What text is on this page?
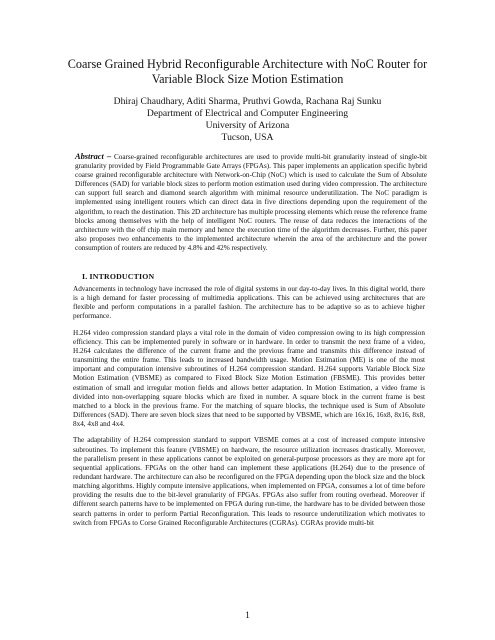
Coarse Grained Hybrid Reconfigurable Architecture with NoC Router for
Variable Block Size Motion Estimation
Dhiraj Chaudhary, Aditi Sharma, Pruthvi Gowda, Rachana Raj Sunku
Department of Electrical and Computer Engineering
University of Arizona
Tucson, USA
Abstract – Coarse-grained reconfigurable architectures are used to provide multi-bit granularity instead of single-bit granularity provided by Field Programmable Gate Arrays (FPGAs). This paper implements an application specific hybrid coarse grained reconfigurable architecture with Network-on-Chip (NoC) which is used to calculate the Sum of Absolute Differences (SAD) for variable block sizes to perform motion estimation used during video compression. The architecture can support full search and diamond search algorithm with minimal resource underutilization. The NoC paradigm is implemented using intelligent routers which can direct data in five directions depending upon the requirement of the algorithm, to reach the destination. This 2D architecture has multiple processing elements which reuse the reference frame blocks among themselves with the help of intelligent NoC routers. The reuse of data reduces the interactions of the architecture with the off chip main memory and hence the execution time of the algorithm decreases. Further, this paper also proposes two enhancements to the implemented architecture wherein the area of the architecture and the power consumption of routers are reduced by 4.8% and 42% respectively.
I. INTRODUCTION

Advancements in technology have increased the role of digital systems in our day-to-day lives. In this digital world, there is a high demand for faster processing of multimedia applications. This can be achieved using architectures that are flexible and perform computations in a parallel fashion. The architecture has to be adaptive so as to achieve higher performance.

H.264 video compression standard plays a vital role in the domain of video compression owing to its high compression efficiency. This can be implemented purely in software or in hardware. In order to transmit the next frame of a video, H.264 calculates the difference of the current frame and the previous frame and transmits this difference instead of transmitting the entire frame. This leads to increased bandwidth usage. Motion Estimation (ME) is one of the most important and computation intensive subroutines of H.264 compression standard. H.264 supports Variable Block Size Motion Estimation (VBSME) as compared to Fixed Block Size Motion Estimation (FBSME). This provides better estimation of small and irregular motion fields and allows better adaptation. In Motion Estimation, a video frame is divided into non-overlapping square blocks which are fixed in number. A square block in the current frame is best matched to a block in the previous frame. For the matching of square blocks, the technique used is Sum of Absolute Differences (SAD). There are seven block sizes that need to be supported by VBSME, which are 16x16, 16x8, 8x16, 8x8, 8x4, 4x8 and 4x4.

The adaptability of H.264 compression standard to support VBSME comes at a cost of increased compute intensive subroutines. To implement this feature (VBSME) on hardware, the resource utilization increases drastically. Moreover, the parallelism present in these applications cannot be exploited on general-purpose processors as they are more apt for sequential applications. FPGAs on the other hand can implement these applications (H.264) due to the presence of redundant hardware. The architecture can also be reconfigured on the FPGA depending upon the block size and the block matching algorithms. Highly compute intensive applications, when implemented on FPGA, consumes a lot of time before providing the results due to the bit-level granularity of FPGAs. FPGAs also suffer from routing overhead. Moreover if different search patterns have to be implemented on FPGA during run-time, the hardware has to be divided between those search patterns in order to perform Partial Reconfiguration. This leads to resource underutilization which motivates to switch from FPGAs to Corse Grained Reconfigurable Architectures (CGRAs). CGRAs provide multi-bit

1
